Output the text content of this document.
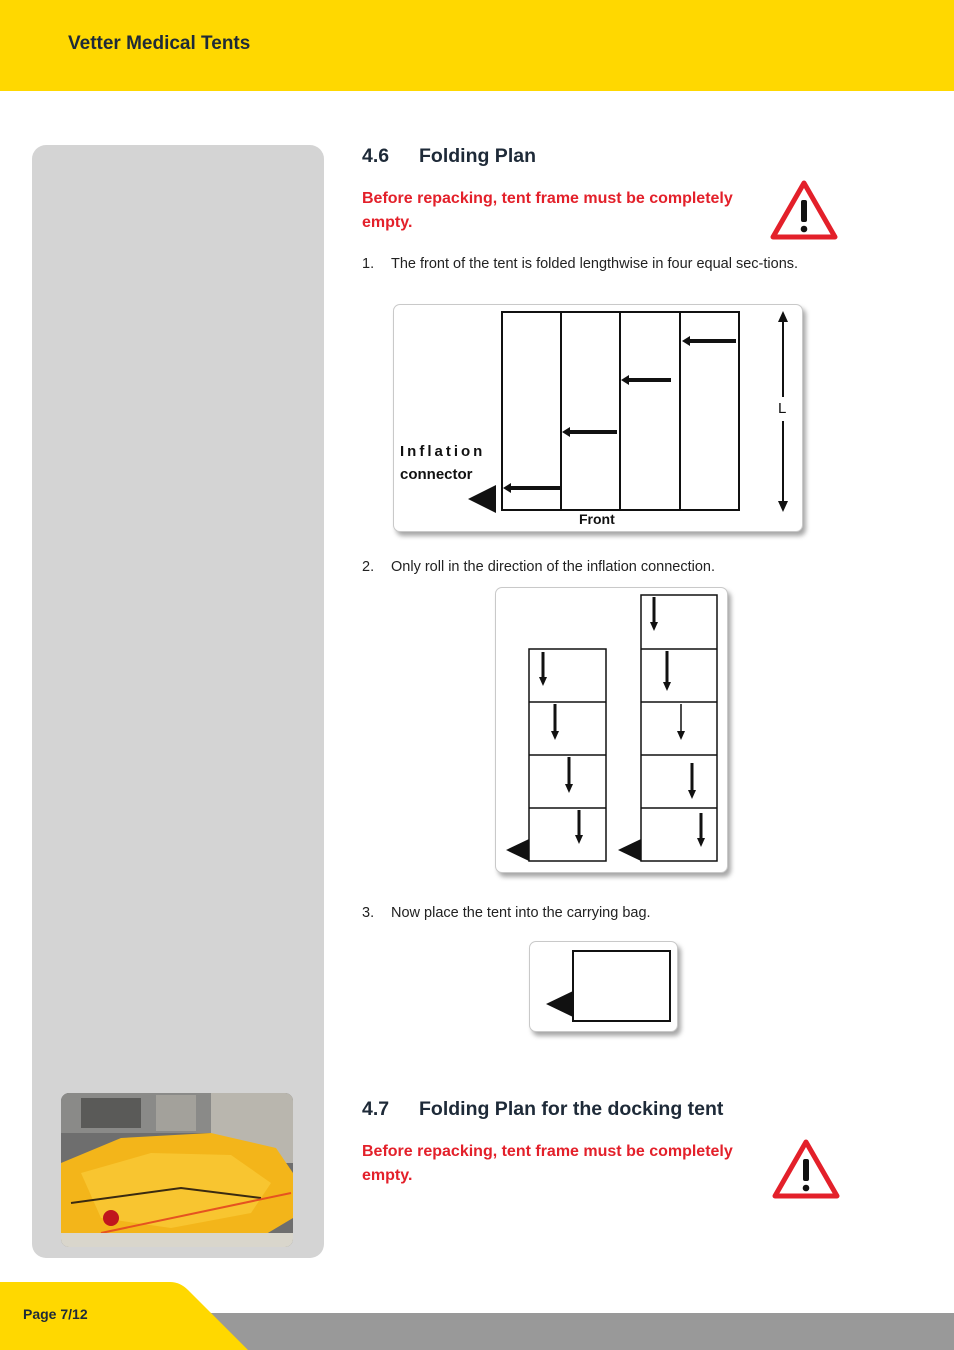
Vetter Medical Tents
4.6 Folding Plan
Before repacking, tent frame must be completely
empty.
1. The front of the tent is folded lengthwise in four equal sec-tions.
Inflation
connector
Front
L
2. Only roll in the direction of the inflation connection.
3. Now place the tent into the carrying bag.
4.7 Folding Plan for the docking tent
Before repacking, tent frame must be completely
empty.
Page 7/12
